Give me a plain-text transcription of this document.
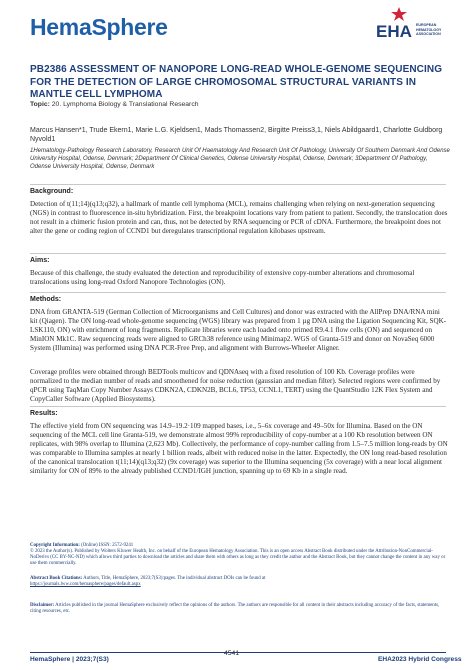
HemaSphere	EHA EUROPEAN
HEMATOLOGY
ASSOCIATION
PB2386 ASSESSMENT OF NANOPORE LONG-READ WHOLE-GENOME SEQUENCING FOR THE DETECTION OF LARGE CHROMOSOMAL STRUCTURAL VARIANTS IN MANTLE CELL LYMPHOMA
Topic: 20. Lymphoma Biology & Translational Research
Marcus Hansen*1, Trude Ekern1, Marie L.G. Kjeldsen1, Mads Thomassen2, Birgitte Preiss3,1, Niels Abildgaard1, Charlotte Guldborg Nyvold1
1Hematology-Pathology Research Laboratory, Research Unit Of Haematology And Research Unit Of Pathology, University Of Southern Denmark And Odense University Hospital, Odense, Denmark; 2Department Of Clinical Genetics, Odense University Hospital, Odense, Denmark; 3Department Of Pathology, Odense University Hospital, Odense, Denmark
Background:
Detection of t(11;14)(q13;q32), a hallmark of mantle cell lymphoma (MCL), remains challenging when relying on next-generation sequencing (NGS) in contrast to fluorescence in-situ hybridization. First, the breakpoint locations vary from patient to patient. Secondly, the translocation does not result in a chimeric fusion protein and can, thus, not be detected by RNA sequencing or PCR of cDNA. Furthermore, the breakpoint does not alter the gene or coding region of CCND1 but deregulates transcriptional regulation kilobases upstream.
Aims:
Because of this challenge, the study evaluated the detection and reproducibility of extensive copy-number alterations and chromosomal translocations using long-read Oxford Nanopore Technologies (ON).
Methods:
DNA from GRANTA-519 (German Collection of Microorganisms and Cell Cultures) and donor was extracted with the AllPrep DNA/RNA mini kit (Qiagen). The ON long-read whole-genome sequencing (WGS) library was prepared from 1 µg DNA using the Ligation Sequencing Kit, SQK-LSK110, ON) with enrichment of long fragments. Replicate libraries were each loaded onto primed R9.4.1 flow cells (ON) and sequenced on MinION Mk1C. Raw sequencing reads were aligned to GRCh38 reference using Minimap2. WGS of Granta-519 and donor on NovaSeq 6000 System (Illumina) was performed using DNA PCR-Free Prep, and alignment with Burrows-Wheeler Aligner.
Coverage profiles were obtained through BEDTools multicov and QDNAseq with a fixed resolution of 100 Kb. Coverage profiles were normalized to the median number of reads and smoothened for noise reduction (gaussian and median filter). Selected regions were confirmed by qPCR using TaqMan Copy Number Assays CDKN2A, CDKN2B, BCL6, TP53, CCNL1, TERT) using the QuantStudio 12K Flex System and CopyCaller Software (Applied Biosystems).
Results:
The effective yield from ON sequencing was 14.9–19.2·109 mapped bases, i.e., 5–6x coverage and 49–50x for Illumina. Based on the ON sequencing of the MCL cell line Granta-519, we demonstrate almost 99% reproducibility of copy-number at a 100 Kb resolution between ON replicates, with 98% overlap to Illumina (2,623 Mb). Collectively, the performance of copy-number calling from 1.5–7.5 million long-reads by ON was comparable to Illumina samples at nearly 1 billion reads, albeit with reduced noise in the latter. Expectedly, the ON long read-based resolution of the canonical translocation t(11;14)(q13;q32) (9x coverage) was superior to the Illumina sequencing (5x coverage) with a near local alignment similarity for ON of 89% to the already published CCND1/IGH junction, spanning up to 69 Kb in a single read.
Copyright Information: (Online) ISSN: 2572-9241
© 2023 the Author(s). Published by Wolters Kluwer Health, Inc. on behalf of the European Hematology Association. This is an open access Abstract Book distributed under the Attribution-NonCommercial-NoDerivs (CC BY-NC-ND) which allows third parties to download the articles and share them with others as long as they credit the author and the Abstract Book, but they cannot change the content in any way or use them commercially.
Abstract Book Citations: Authors, Title, HemaSphere, 2023;7(S3):pages. The individual abstract DOIs can be found at
https://journals.lww.com/hemasphere/pages/default.aspx
Disclaimer: Articles published in the journal HemaSphere exclusively reflect the opinions of the authors. The authors are responsible for all content in their abstracts including accuracy of the facts, statements, citing resources, etc.
4541
HemaSphere | 2023;7(S3)	EHA2023 Hybrid Congress
